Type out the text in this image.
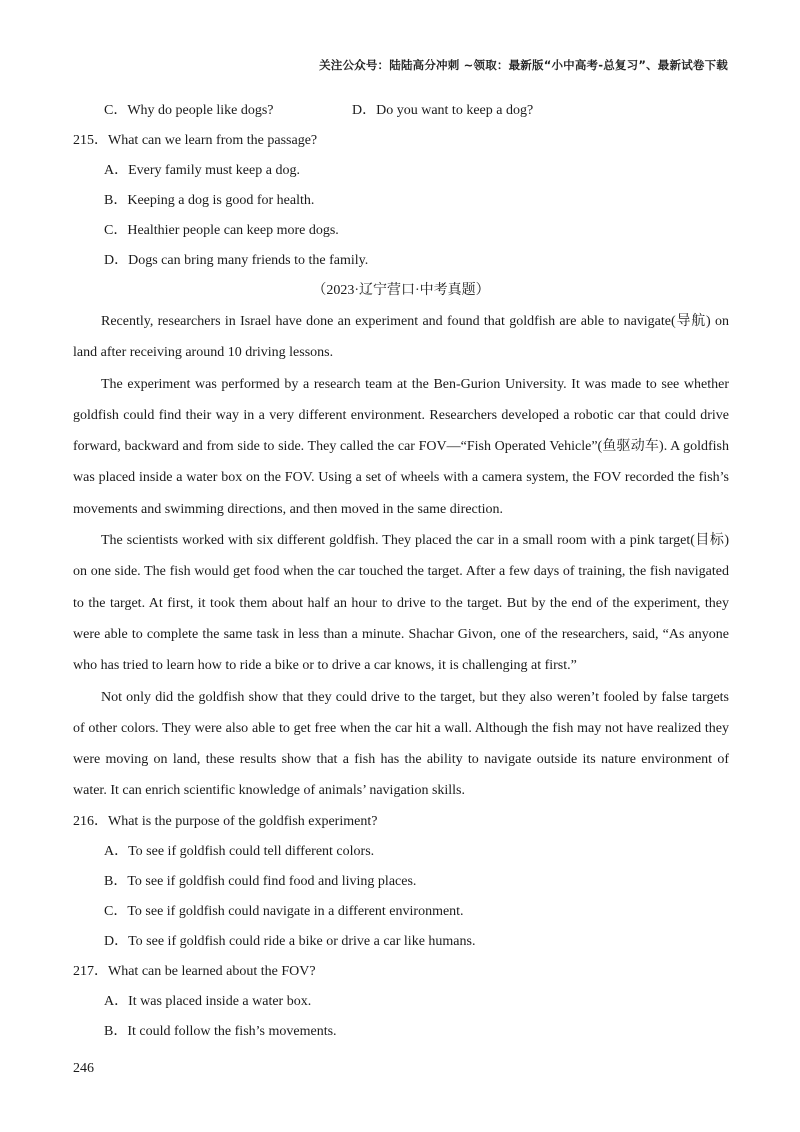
关注公众号：陆陆高分冲刺 ~领取：最新版“小中高考-总复习”、最新试卷下载
C．Why do people like dogs?	D．Do you want to keep a dog?
215．What can we learn from the passage?
A．Every family must keep a dog.
B．Keeping a dog is good for health.
C．Healthier people can keep more dogs.
D．Dogs can bring many friends to the family.
（2023·辽宁营口·中考真题）

Recently, researchers in Israel have done an experiment and found that goldfish are able to navigate(导航) on land after receiving around 10 driving lessons.

The experiment was performed by a research team at the Ben-Gurion University. It was made to see whether goldfish could find their way in a very different environment. Researchers developed a robotic car that could drive forward, backward and from side to side. They called the car FOV—“Fish Operated Vehicle”(鱼驱动车). A goldfish was placed inside a water box on the FOV. Using a set of wheels with a camera system, the FOV recorded the fish’s movements and swimming directions, and then moved in the same direction.

The scientists worked with six different goldfish. They placed the car in a small room with a pink target(目标) on one side. The fish would get food when the car touched the target. After a few days of training, the fish navigated to the target. At first, it took them about half an hour to drive to the target. But by the end of the experiment, they were able to complete the same task in less than a minute. Shachar Givon, one of the researchers, said, “As anyone who has tried to learn how to ride a bike or to drive a car knows, it is challenging at first.”

Not only did the goldfish show that they could drive to the target, but they also weren’t fooled by false targets of other colors. They were also able to get free when the car hit a wall. Although the fish may not have realized they were moving on land, these results show that a fish has the ability to navigate outside its nature environment of water. It can enrich scientific knowledge of animals’ navigation skills.

216．What is the purpose of the goldfish experiment?
A．To see if goldfish could tell different colors.
B．To see if goldfish could find food and living places.
C．To see if goldfish could navigate in a different environment.
D．To see if goldfish could ride a bike or drive a car like humans.
217．What can be learned about the FOV?
A．It was placed inside a water box.
B．It could follow the fish’s movements.
246
